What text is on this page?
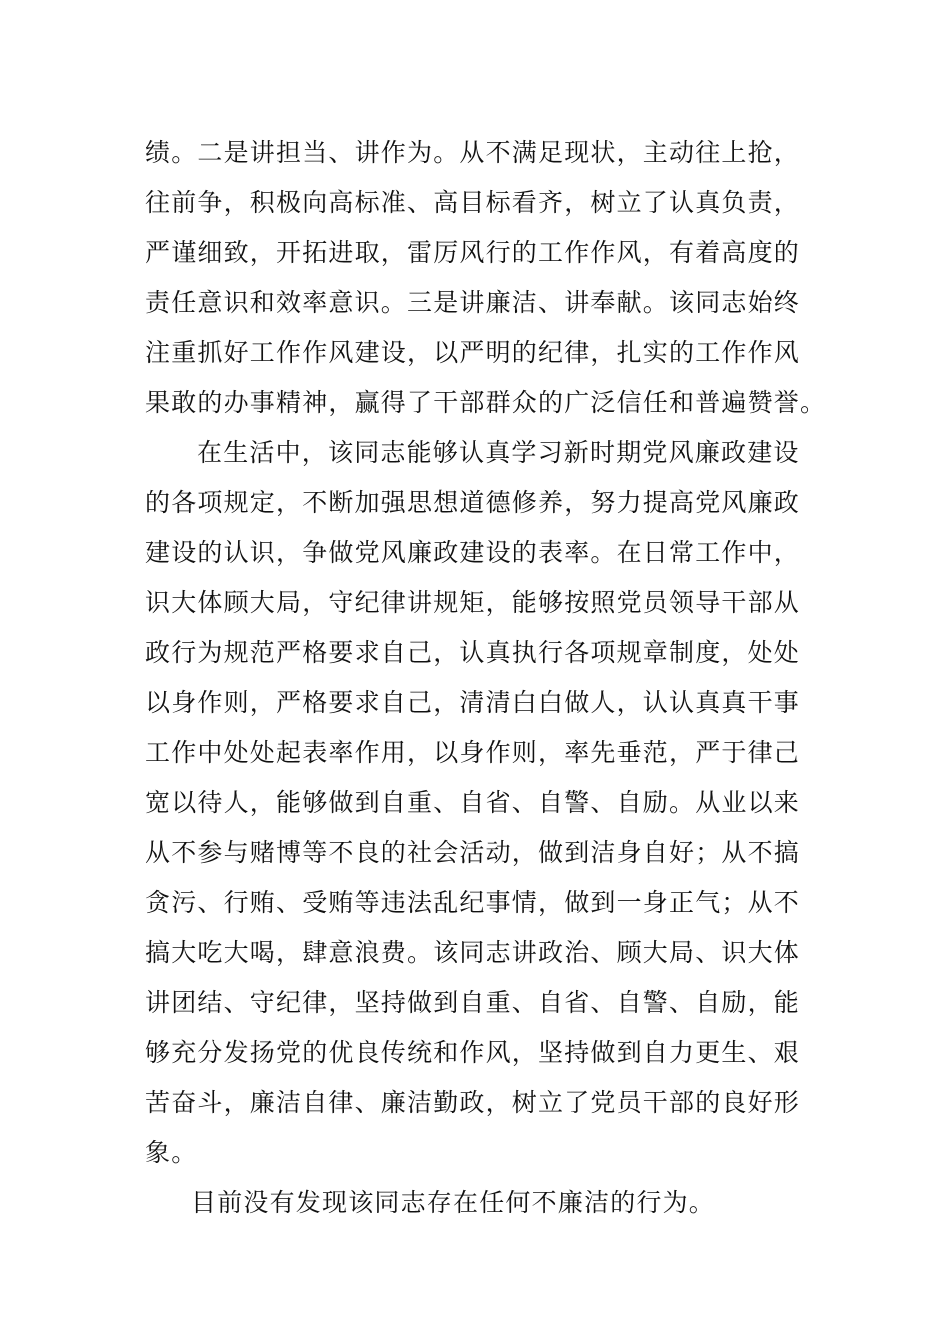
绩。二是讲担当、讲作为。从不满足现状，主动往上抢，
往前争，积极向高标准、高目标看齐，树立了认真负责，
严谨细致，开拓进取，雷厉风行的工作作风，有着高度的
责任意识和效率意识。三是讲廉洁、讲奉献。该同志始终
注重抓好工作作风建设，以严明的纪律，扎实的工作作风
果敢的办事精神，赢得了干部群众的广泛信任和普遍赞誉。
在生活中，该同志能够认真学习新时期党风廉政建设
的各项规定，不断加强思想道德修养，努力提高党风廉政
建设的认识，争做党风廉政建设的表率。在日常工作中，
识大体顾大局，守纪律讲规矩，能够按照党员领导干部从
政行为规范严格要求自己，认真执行各项规章制度，处处
以身作则，严格要求自己，清清白白做人，认认真真干事
工作中处处起表率作用，以身作则，率先垂范，严于律己
宽以待人，能够做到自重、自省、自警、自励。从业以来
从不参与赌博等不良的社会活动，做到洁身自好；从不搞
贪污、行贿、受贿等违法乱纪事情，做到一身正气；从不
搞大吃大喝，肆意浪费。该同志讲政治、顾大局、识大体
讲团结、守纪律，坚持做到自重、自省、自警、自励，能
够充分发扬党的优良传统和作风，坚持做到自力更生、艰
苦奋斗，廉洁自律、廉洁勤政，树立了党员干部的良好形
象。
目前没有发现该同志存在任何不廉洁的行为。
